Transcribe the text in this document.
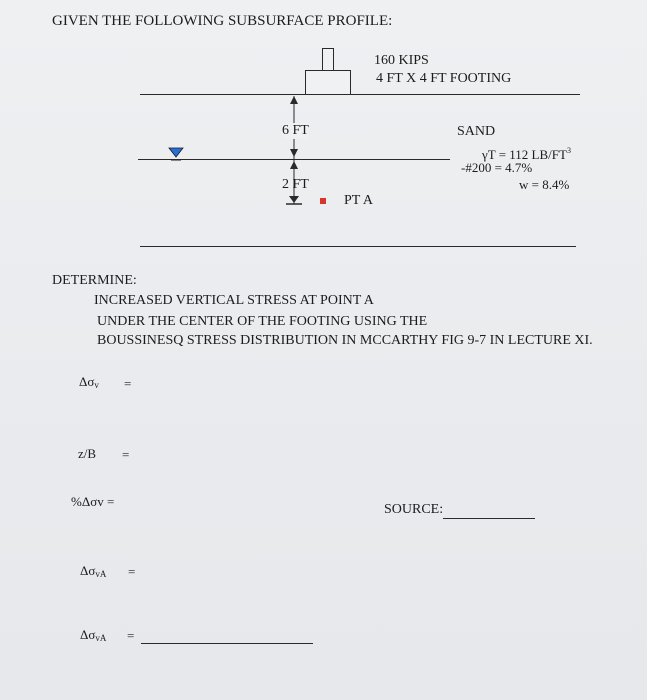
GIVEN THE FOLLOWING SUBSURFACE PROFILE:
160 KIPS
4 FT X 4 FT FOOTING
6 FT
2 FT
PT A
SAND
γT = 112 $LB/FT^3$
-#200 = 4.7%
w = 8.4%
DETERMINE:
INCREASED VERTICAL STRESS AT POINT A
UNDER THE CENTER OF THE FOOTING USING THE
BOUSSINESQ STRESS DISTRIBUTION IN MCCARTHY FIG 9-7 IN LECTURE XI.
$\Delta\sigma_v$ =
z/B =
%Δσv =
SOURCE:
$\Delta\sigma_{vA}$ =
$\Delta\sigma_{vA}$ =
